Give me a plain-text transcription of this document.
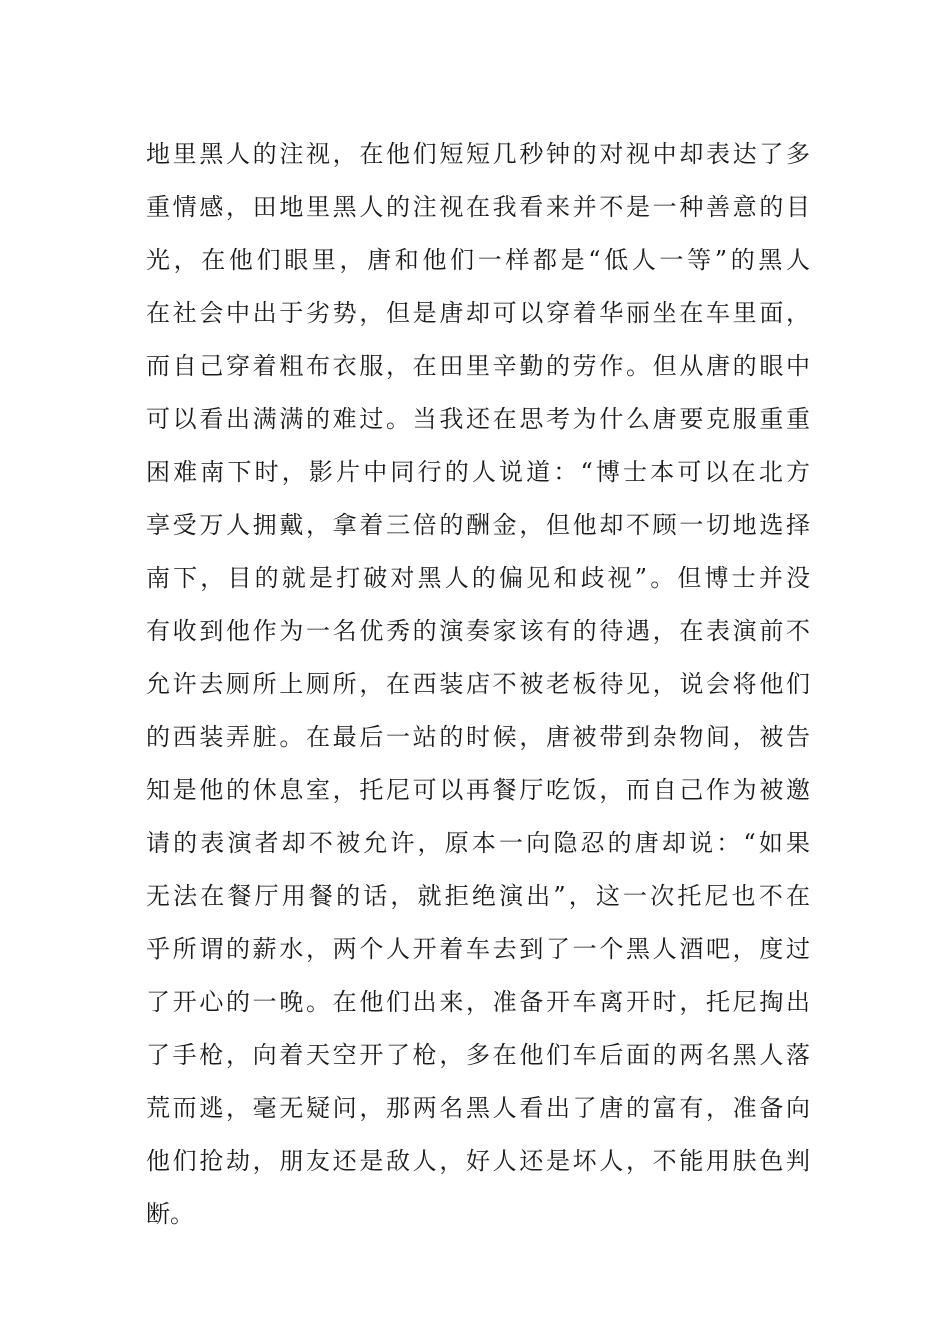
地里黑人的注视，在他们短短几秒钟的对视中却表达了多
重情感，田地里黑人的注视在我看来并不是一种善意的目
光，在他们眼里，唐和他们一样都是“低人一等”的黑人
在社会中出于劣势，但是唐却可以穿着华丽坐在车里面，
而自己穿着粗布衣服，在田里辛勤的劳作。但从唐的眼中
可以看出满满的难过。当我还在思考为什么唐要克服重重
困难南下时，影片中同行的人说道：“博士本可以在北方
享受万人拥戴，拿着三倍的酬金，但他却不顾一切地选择
南下，目的就是打破对黑人的偏见和歧视”。但博士并没
有收到他作为一名优秀的演奏家该有的待遇，在表演前不
允许去厕所上厕所，在西装店不被老板待见，说会将他们
的西装弄脏。在最后一站的时候，唐被带到杂物间，被告
知是他的休息室，托尼可以再餐厅吃饭，而自己作为被邀
请的表演者却不被允许，原本一向隐忍的唐却说：“如果
无法在餐厅用餐的话，就拒绝演出”，这一次托尼也不在
乎所谓的薪水，两个人开着车去到了一个黑人酒吧，度过
了开心的一晚。在他们出来，准备开车离开时，托尼掏出
了手枪，向着天空开了枪，多在他们车后面的两名黑人落
荒而逃，毫无疑问，那两名黑人看出了唐的富有，准备向
他们抢劫，朋友还是敌人，好人还是坏人，不能用肤色判
断。
